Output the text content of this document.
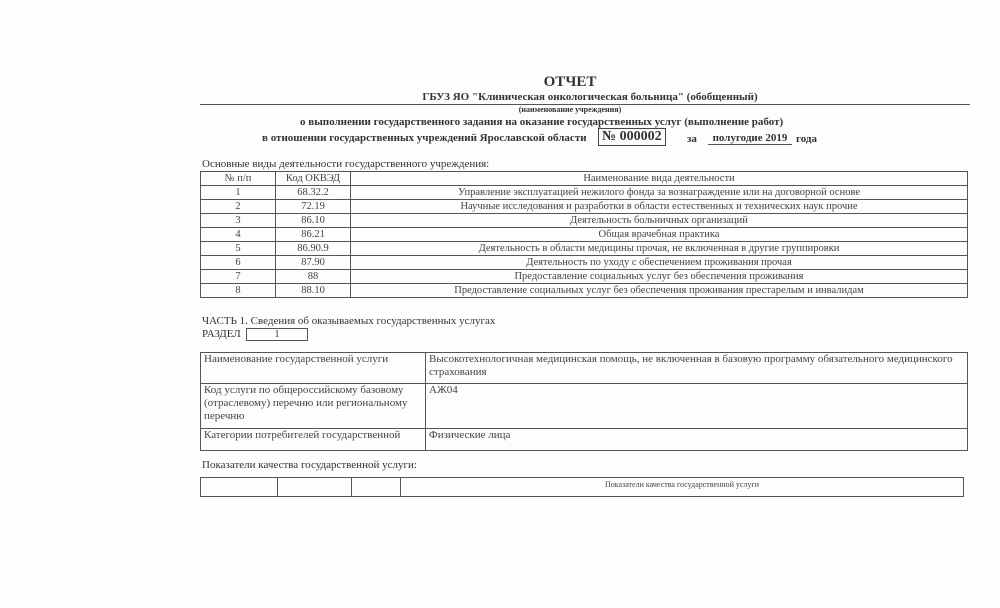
ОТЧЕТ
ГБУЗ ЯО "Клиническая онкологическая больница" (обобщенный)
(наименование учреждения)
о выполнении государственного задания на оказание государственных услуг (выполнение работ)
в отношении государственных учреждений Ярославской области № 000002	за	полугодие 2019 года
Основные виды деятельности государственного учреждения:
№ п/п	Код ОКВЭД	Наименование вида деятельности
1	68.32.2	Управление эксплуатацией нежилого фонда за вознаграждение или на договорной основе
2	72.19	Научные исследования и разработки в области естественных и технических наук прочие
3	86.10	Деятельность больничных организаций
4	86.21	Общая врачебная практика
5	86.90.9	Деятельность в области медицины прочая, не включенная в другие группировки
6	87.90	Деятельность по уходу с обеспечением проживания прочая
7	88	Предоставление социальных услуг без обеспечения проживания
8	88.10	Предоставление социальных услуг без обеспечения проживания престарелым и инвалидам
ЧАСТЬ 1. Сведения об оказываемых государственных услугах
РАЗДЕЛ	1
Наименование государственной услуги	Высокотехнологичная медицинская помощь, не включенная в базовую программу обязательного медицинского страхования
Код услуги по общероссийскому базовому (отраслевому) перечню или региональному перечню	АЖ04
Категории потребителей государственной	Физические лица
Показатели качества государственной услуги:
			Показатели качества государственной услуги
